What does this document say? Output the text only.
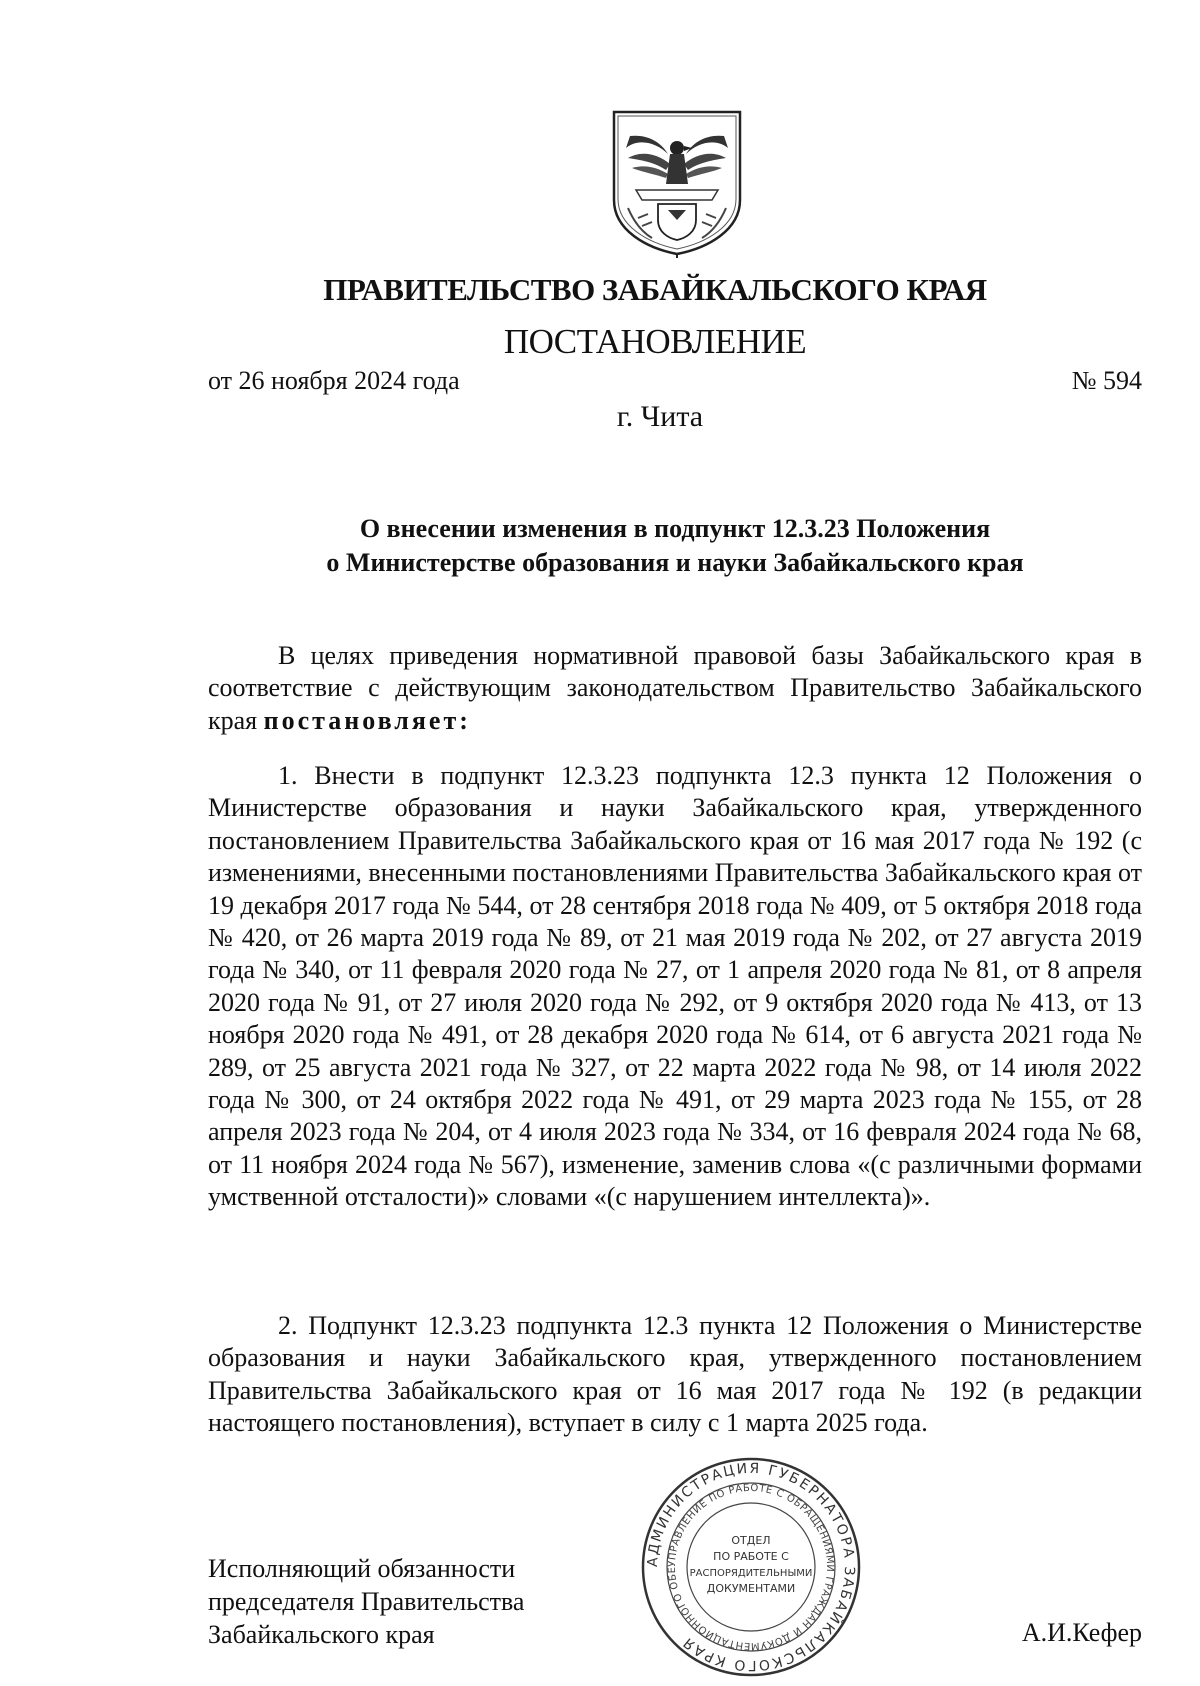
ПРАВИТЕЛЬСТВО ЗАБАЙКАЛЬСКОГО КРАЯ
ПОСТАНОВЛЕНИЕ
от 26 ноября 2024 года	№ 594
г. Чита
О внесении изменения в подпункт 12.3.23 Положения
о Министерстве образования и науки Забайкальского края

В целях приведения нормативной правовой базы Забайкальского края в соответствие с действующим законодательством Правительство Забайкальского края постановляет:

1. Внести в подпункт 12.3.23 подпункта 12.3 пункта 12 Положения о Министерстве образования и науки Забайкальского края, утвержденного постановлением Правительства Забайкальского края от 16 мая 2017 года № 192 (с изменениями, внесенными постановлениями Правительства Забайкальского края от 19 декабря 2017 года № 544, от 28 сентября 2018 года № 409, от 5 октября 2018 года № 420, от 26 марта 2019 года № 89, от 21 мая 2019 года № 202, от 27 августа 2019 года № 340, от 11 февраля 2020 года № 27, от 1 апреля 2020 года № 81, от 8 апреля 2020 года № 91, от 27 июля 2020 года № 292, от 9 октября 2020 года № 413, от 13 ноября 2020 года № 491, от 28 декабря 2020 года № 614, от 6 августа 2021 года № 289, от 25 августа 2021 года № 327, от 22 марта 2022 года № 98, от 14 июля 2022 года № 300, от 24 октября 2022 года № 491, от 29 марта 2023 года № 155, от 28 апреля 2023 года № 204, от 4 июля 2023 года № 334, от 16 февраля 2024 года № 68, от 11 ноября 2024 года № 567), изменение, заменив слова «(с различными формами умственной отсталости)» словами «(с нарушением интеллекта)».

2. Подпункт 12.3.23 подпункта 12.3 пункта 12 Положения о Министерстве образования и науки Забайкальского края, утвержденного постановлением Правительства Забайкальского края от 16 мая 2017 года № 192 (в редакции настоящего постановления), вступает в силу с 1 марта 2025 года.

АДМИНИСТРАЦИЯ ГУБЕРНАТОРА ЗАБАЙКАЛЬСКОГО КРАЯ
УПРАВЛЕНИЕ ПО РАБОТЕ С ОБРАЩЕНИЯМИ ГРАЖДАН И ДОКУМЕНТАЦИОННОГО ОБЕ
ОТДЕЛ
ПО РАБОТЕ С
РАСПОРЯДИТЕЛЬНЫМИ
ДОКУМЕНТАМИ
Исполняющий обязанности
председателя Правительства
Забайкальского края	А.И.Кефер
